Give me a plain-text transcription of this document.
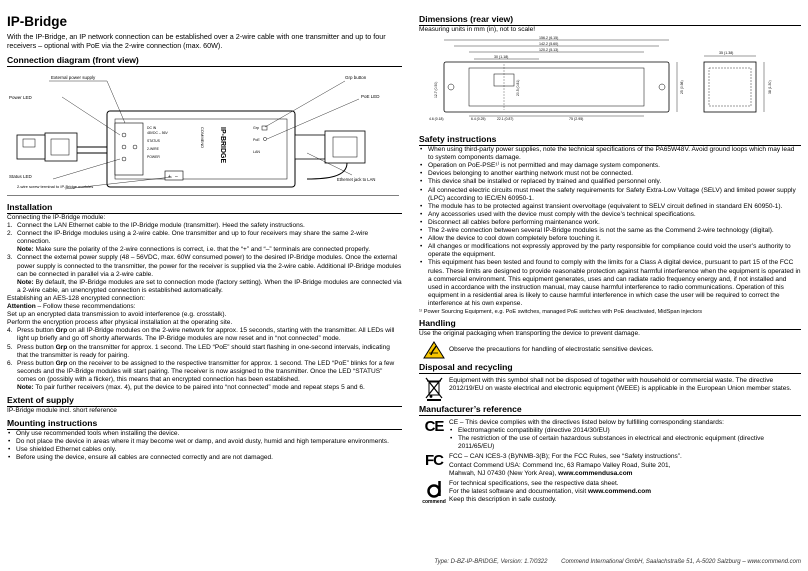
IP-Bridge

With the IP-Bridge, an IP network connection can be established over a 2-wire cable with one transmitter and up to four receivers – optional with PoE via the 2-wire connection (max. 60W).

Connection diagram (front view)
DC IN
48VDC – 56V
STATUS
2-WIRE
POWER	IP-BRIDGE
COMMEND	Grp
PoE
LAN
+ –
External power supply
Power LED
Status LED
2-wire screw terminal to IP-Bridge modules
Grp button
PoE LED
Ethernet jack to LAN
Installation

Connecting the IP-Bridge module:

1. Connect the LAN Ethernet cable to the IP-Bridge module (transmitter). Heed the safety instructions.
2. Connect the IP-Bridge modules using a 2-wire cable. One transmitter and up to four receivers may share the same 2-wire connection.
Note: Make sure the polarity of the 2-wire connections is correct, i.e. that the “+” and “–” terminals are connected properly.
3. Connect the external power supply (48 – 56VDC, max. 60W consumed power) to the desired IP-Bridge modules. Once the external power supply is connected to the transmitter, the power for the receiver is supplied via the 2-wire cable. Additional IP-Bridge modules can be connected in parallel via a 2-wire cable.
Note: By default, the IP-Bridge modules are set to connection mode (factory setting). When the IP-Bridge modules are connected via a 2-wire cable, an unencrypted connection is established automatically.

Establishing an AES-128 encrypted connection:

Attention – Follow these recommendations:

Set up an encrypted data transmission to avoid interference (e.g. crosstalk).

Perform the encryption process after physical installation at the operating site.

4. Press button Grp on all IP-Bridge modules on the 2-wire network for approx. 15 seconds, starting with the transmitter. All LEDs will light up briefly and go off shortly afterwards. The IP-Bridge modules are now reset and in “not connected” mode.
5. Press button Grp on the transmitter for approx. 1 second. The LED “PoE” should start flashing in one-second intervals, indicating that the transmitter is ready for pairing.
6. Press button Grp on the receiver to be assigned to the respective transmitter for approx. 1 second. The LED “PoE” blinks for a few seconds and the IP-Bridge modules will start pairing. The receiver is now assigned to the transmitter. Once the LED “STATUS” comes on (possibly with a flicker), this means that an encrypted connection has been established.
Note: To pair further receivers (max. 4), put the device to be paired into “not connected” mode and repeat steps 5 and 6.
Extent of supply

IP-Bridge module incl. short reference

Mounting instructions
• Only use recommended tools when installing the device.
• Do not place the device in areas where it may become wet or damp, and avoid dusty, humid and high temperature environments.
• Use shielded Ethernet cables only.
• Before using the device, ensure all cables are connected correctly and are not damaged.
Dimensions (rear view)

Measuring units in mm (in), not to scale!

156.2 (6.15)
142.2 (5.60)
120.2 (5.13)
30 (1.18)
12.7 (0.50)	20.5 (0.81)
75 (2.95)
6.4 (0.25)	22.1 (0.87)
4.6 (0.18)
35 (1.38)
38 (1.50)
25 (0.98)
Safety instructions
• When using third-party power supplies, note the technical specifications of the PA65W48V. Avoid ground loops which may lead to system components damage.
• Operation on PoE-PSE¹⁾ is not permitted and may damage system components.
• Devices belonging to another earthing network must not be connected.
• This device shall be installed or replaced by trained and qualified personnel only.
• All connected electric circuits must meet the safety requirements for Safety Extra-Low Voltage (SELV) and limited power supply (LPC) according to IEC/EN 60950-1.
• The module has to be protected against transient overvoltage (equivalent to SELV circuit defined in standard EN 60950-1).
• Any accessories used with the device must comply with the device’s technical specifications.
• Disconnect all cables before performing maintenance work.
• The 2-wire connection between several IP-Bridge modules is not the same as the Commend 2-wire technology (digital).
• Allow the device to cool down completely before touching it.
• All changes or modifications not expressly approved by the party responsible for compliance could void the user’s authority to operate the equipment.
• This equipment has been tested and found to comply with the limits for a Class A digital device, pursuant to part 15 of the FCC rules. These limits are designed to provide reasonable protection against harmful interference when the equipment is operated in a commercial environment. This equipment generates, uses and can radiate radio frequency energy and, if not installed and used in accordance with the instruction manual, may cause harmful interference to radio communications. Operation of this equipment in a residential area is likely to cause harmful interference in which case the user will be required to correct the interference at his own expense.

¹⁾ Power Sourcing Equipment, e.g. PoE switches, managed PoE switches with PoE deactivated, MidSpan injectors

Handling

Use the original packaging when transporting the device to prevent damage.

Observe the precautions for handling of electrostatic sensitive devices.
Disposal and recycling
Equipment with this symbol shall not be disposed of together with household or commercial waste. The directive 2012/19/EU on waste electrical and electronic equipment (WEEE) is applicable in the European Union member states.
Manufacturer’s reference
CE CE – This device complies with the directives listed below by fulfilling corresponding standards:

• Electromagnetic compatibility (directive 2014/30/EU)
• The restriction of the use of certain hazardous substances in electrical and electronic equipment (directive 2011/65/EU)
FC FCC – CAN ICES-3 (B)/NMB-3(B); For the FCC Rules, see “Safety instructions”.

Contact Commend USA: Commend Inc, 63 Ramapo Valley Road, Suite 201,

Mahwah, NJ 07430 (New York Area), www.commendusa.com

commend

For technical specifications, see the respective data sheet.

For the latest software and documentation, visit www.commend.com

Keep this description in safe custody.

Type: D-BZ-IP-BRIDGE, Version: 1.7/0322 Commend International GmbH, Saalachstraße 51, A-5020 Salzburg – www.commend.com
